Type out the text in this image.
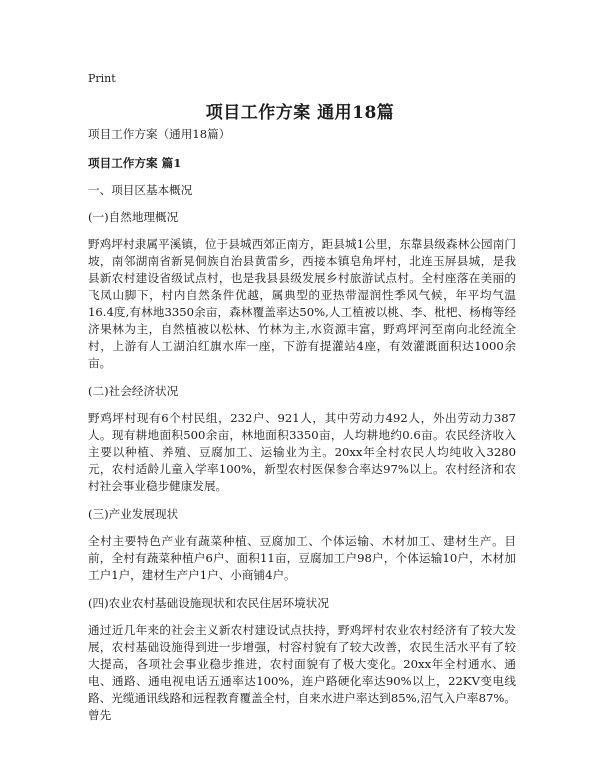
Print
项目工作方案 通用18篇

项目工作方案（通用18篇）

项目工作方案 篇1

一、项目区基本概况

(一)自然地理概况

野鸡坪村隶属平溪镇，位于县城西郊正南方，距县城1公里，东靠县级森林公园南门坡，南邻湖南省新晃侗族自治县黄雷乡，西接本镇皂角坪村，北连玉屏县城，是我县新农村建设省级试点村，也是我县县级发展乡村旅游试点村。全村座落在美丽的飞凤山脚下，村内自然条件优越，属典型的亚热带湿润性季风气候，年平均气温16.4度,有林地3350余亩，森林覆盖率达50%,人工植被以桃、李、枇杷、杨梅等经济果林为主，自然植被以松林、竹林为主,水资源丰富，野鸡坪河至南向北经流全村，上游有人工湖泊红旗水库一座，下游有提灌站4座，有效灌溉面积达1000余亩。

(二)社会经济状况

野鸡坪村现有6个村民组，232户、921人，其中劳动力492人，外出劳动力387人。现有耕地面积500余亩，林地面积3350亩，人均耕地约0.6亩。农民经济收入主要以种植、养殖、豆腐加工、运输业为主。20xx年全村农民人均纯收入3280元，农村适龄儿童入学率100%，新型农村医保参合率达97%以上。农村经济和农村社会事业稳步健康发展。

(三)产业发展现状

全村主要特色产业有蔬菜种植、豆腐加工、个体运输、木材加工、建材生产。目前，全村有蔬菜种植户6户、面积11亩，豆腐加工户98户，个体运输10户，木材加工户1户，建材生产户1户、小商铺4户。

(四)农业农村基础设施现状和农民住居环境状况

通过近几年来的社会主义新农村建设试点扶持，野鸡坪村农业农村经济有了较大发展，农村基础设施得到进一步增强，村容村貌有了较大改善，农民生活水平有了较大提高，各项社会事业稳步推进，农村面貌有了极大变化。20xx年全村通水、通电、通路、通电视电话五通率达100%，连户路硬化率达90%以上，22KV变电线路、光缆通讯线路和远程教育覆盖全村，自来水进户率达到85%,沼气入户率87%。曾先
